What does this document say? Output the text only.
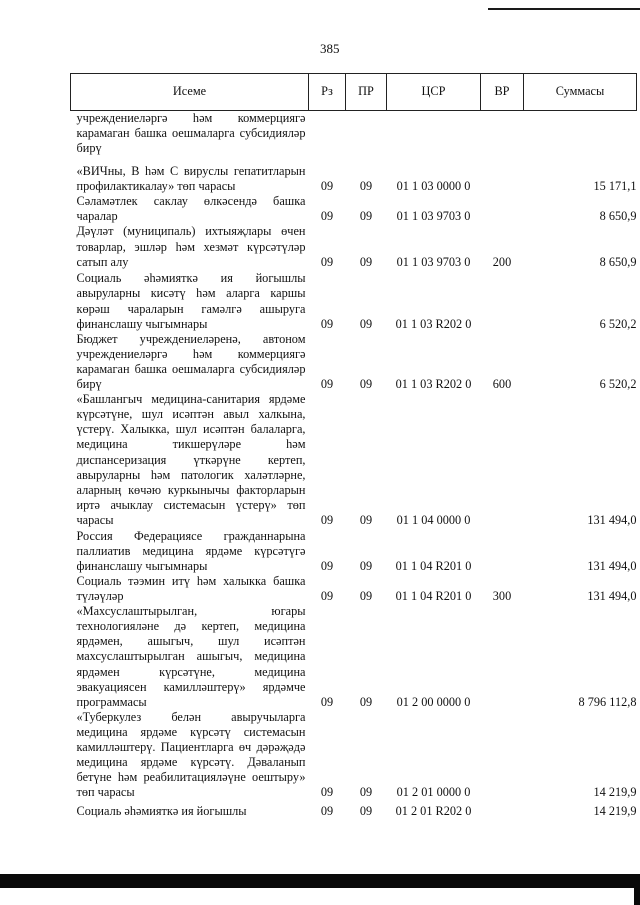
385
Исеме	Рз	ПР	ЦСР	ВР	Суммасы
учреждениеләргә һәм коммерциягә карамаган башка оешмаларга субсидияләр бирү					
«ВИЧны, В һәм С вируслы гепатитларын профилактикалау» төп чарасы	09	09	01 1 03 0000 0		15 171,1
Сәламәтлек саклау өлкәсендә башка чаралар	09	09	01 1 03 9703 0		8 650,9
Дәүләт (муниципаль) ихтыяҗлары өчен товарлар, эшләр һәм хезмәт күрсәтүләр сатып алу	09	09	01 1 03 9703 0	200	8 650,9
Социаль әһәмияткә ия йогышлы авыруларны кисәтү һәм аларга каршы көрәш чараларын гамәлгә ашыруга финанслашу чыгымнары	09	09	01 1 03 R202 0		6 520,2
Бюджет учреждениеләренә, автоном учреждениеләргә һәм коммерциягә карамаган башка оешмаларга субсидияләр бирү	09	09	01 1 03 R202 0	600	6 520,2
«Башлангыч медицина-санитария ярдәме күрсәтүне, шул исәптән авыл халкына, үстерү. Халыкка, шул исәптән балаларга, медицина тикшерүләре һәм диспансеризация үткәрүне кертеп, авыруларны һәм патологик халәтләрне, аларның көчәю куркынычы факторларын иртә ачыклау системасын үстерү» төп чарасы	09	09	01 1 04 0000 0		131 494,0
Россия Федерациясе гражданнарына паллиатив медицина ярдәме күрсәтүгә финанслашу чыгымнары	09	09	01 1 04 R201 0		131 494,0
Социаль тәэмин итү һәм халыкка башка түләүләр	09	09	01 1 04 R201 0	300	131 494,0
«Махсуслаштырылган, югары технологияләне дә кертеп, медицина ярдәмен, ашыгыч, шул исәптән махсуслаштырылган ашыгыч, медицина ярдәмен күрсәтүне, медицина эвакуациясен камилләштерү» ярдәмче программасы	09	09	01 2 00 0000 0		8 796 112,8
«Туберкулез белән авыручыларга медицина ярдәме күрсәтү системасын камилләштерү. Пациентларга өч дәрәҗәдә медицина ярдәме күрсәтү. Дәваланып бетүне һәм реабилитацияләүне оештыру» төп чарасы	09	09	01 2 01 0000 0		14 219,9
Социаль әһәмияткә ия йогышлы	09	09	01 2 01 R202 0		14 219,9
